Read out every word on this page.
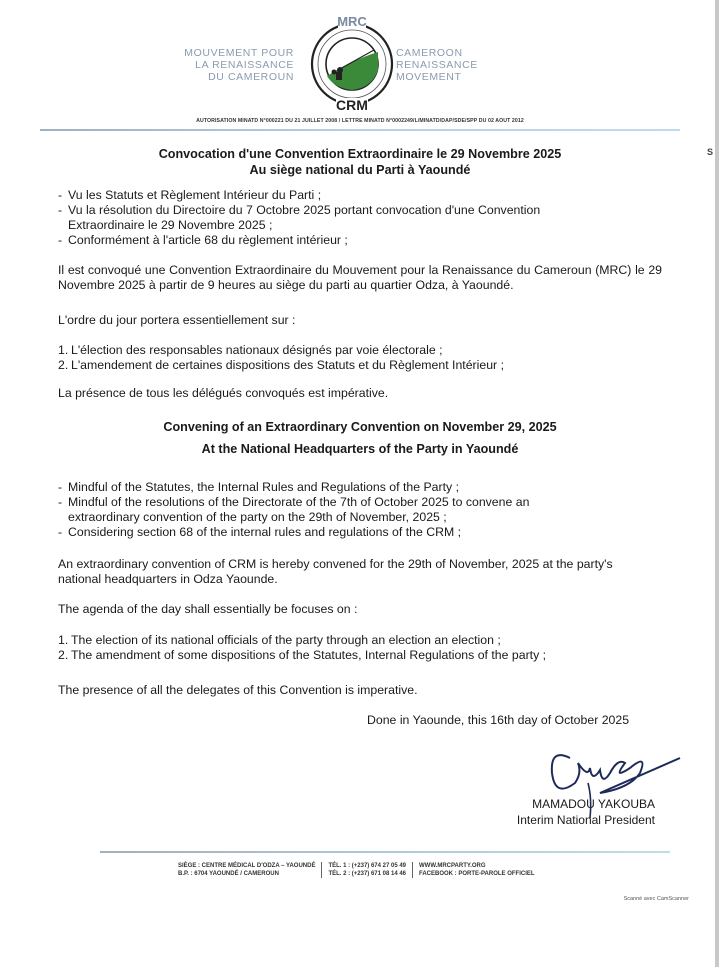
S
MOUVEMENT POUR
LA RENAISSANCE
DU CAMEROUN
MRC
CRM
CAMEROON
RENAISSANCE
MOVEMENT
AUTORISATION MINATD N°000221 DU 21 JUILLET 2008 / LETTRE MINATD N°0002249/L/MINATD/DAP/SDE/SPP DU 02 AOUT 2012
Convocation d'une Convention Extraordinaire le 29 Novembre 2025
Au siège national du Parti à Yaoundé
- Vu les Statuts et Règlement Intérieur du Parti ;
- Vu la résolution du Directoire du 7 Octobre 2025 portant convocation d'une Convention Extraordinaire le 29 Novembre 2025 ;
- Conformément à l'article 68 du règlement intérieur ;

Il est convoqué une Convention Extraordinaire du Mouvement pour la Renaissance du Cameroun (MRC) le 29 Novembre 2025 à partir de 9 heures au siège du parti au quartier Odza, à Yaoundé.

L'ordre du jour portera essentiellement sur :

1. L'élection des responsables nationaux désignés par voie électorale ;
2. L'amendement de certaines dispositions des Statuts et du Règlement Intérieur ;

La présence de tous les délégués convoqués est impérative.

Convening of an Extraordinary Convention on November 29, 2025
At the National Headquarters of the Party in Yaoundé
- Mindful of the Statutes, the Internal Rules and Regulations of the Party ;
- Mindful of the resolutions of the Directorate of the 7th of October 2025 to convene an extraordinary convention of the party on the 29th of November, 2025 ;
- Considering section 68 of the internal rules and regulations of the CRM ;

An extraordinary convention of CRM is hereby convened for the 29th of November, 2025 at the party's national headquarters in Odza Yaounde.

The agenda of the day shall essentially be focuses on :

1. The election of its national officials of the party through an election an election ;
2. The amendment of some dispositions of the Statutes, Internal Regulations of the party ;

The presence of all the delegates of this Convention is imperative.

Done in Yaounde, this 16th day of October 2025
MAMADOU YAKOUBA
Interim National President
SIÈGE : CENTRE MÉDICAL D'ODZA – YAOUNDÉ
B.P. : 6704 YAOUNDÉ / CAMEROUN
TÉL. 1 : (+237) 674 27 05 49
TÉL. 2 : (+237) 671 08 14 46
WWW.MRCPARTY.ORG
FACEBOOK : PORTE-PAROLE OFFICIEL
Scanné avec CamScanner
